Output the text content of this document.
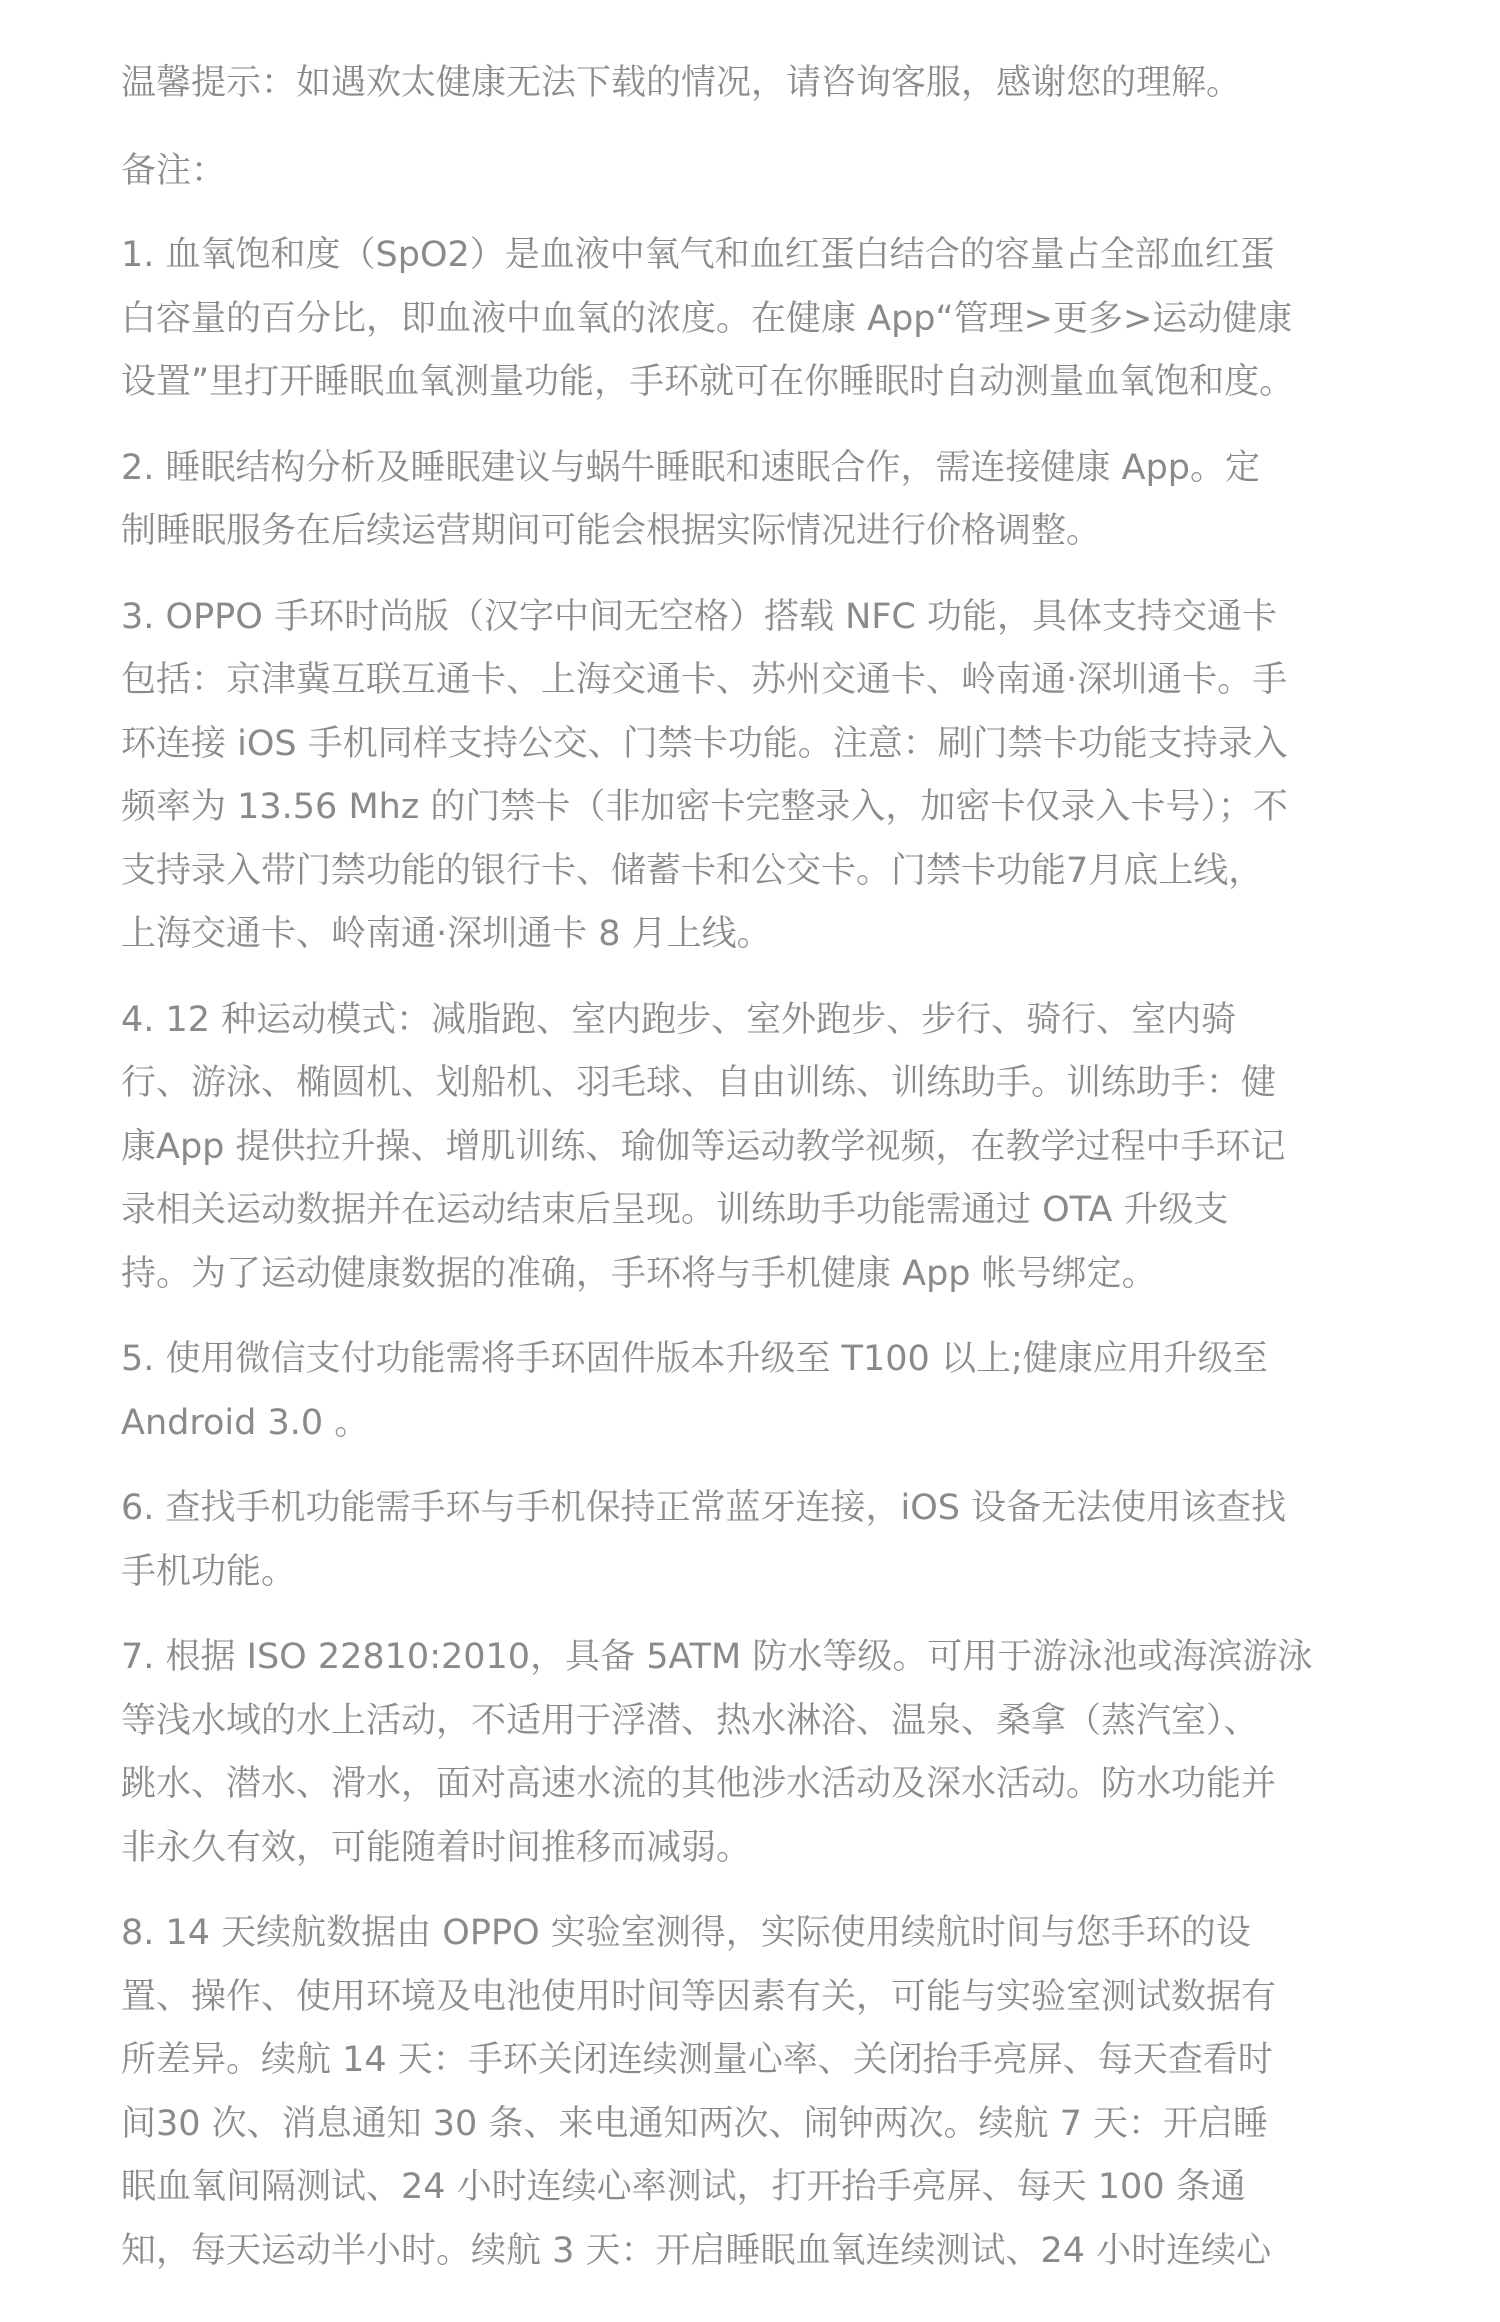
温馨提示：如遇欢太健康无法下载的情况，请咨询客服，感谢您的理解。

备注：

1. 血氧饱和度（SpO2）是血液中氧气和血红蛋白结合的容量占全部血红蛋
白容量的百分比，即血液中血氧的浓度。在健康 App“管理>更多>运动健康
设置”里打开睡眠血氧测量功能，手环就可在你睡眠时自动测量血氧饱和度。
2. 睡眠结构分析及睡眠建议与蜗牛睡眠和速眠合作，需连接健康 App。定
制睡眠服务在后续运营期间可能会根据实际情况进行价格调整。
3. OPPO 手环时尚版（汉字中间无空格）搭载 NFC 功能，具体支持交通卡
包括：京津冀互联互通卡、上海交通卡、苏州交通卡、岭南通·深圳通卡。手
环连接 iOS 手机同样支持公交、门禁卡功能。注意：刷门禁卡功能支持录入
频率为 13.56 Mhz 的门禁卡（非加密卡完整录入，加密卡仅录入卡号）；不
支持录入带门禁功能的银行卡、储蓄卡和公交卡。门禁卡功能7月底上线，
上海交通卡、岭南通·深圳通卡 8 月上线。
4. 12 种运动模式：减脂跑、室内跑步、室外跑步、步行、骑行、室内骑
行、游泳、椭圆机、划船机、羽毛球、自由训练、训练助手。训练助手：健
康App 提供拉升操、增肌训练、瑜伽等运动教学视频，在教学过程中手环记
录相关运动数据并在运动结束后呈现。训练助手功能需通过 OTA 升级支
持。为了运动健康数据的准确，手环将与手机健康 App 帐号绑定。
5. 使用微信支付功能需将手环固件版本升级至 T100 以上;健康应用升级至
Android 3.0 。
6. 查找手机功能需手环与手机保持正常蓝牙连接，iOS 设备无法使用该查找
手机功能。
7. 根据 ISO 22810:2010，具备 5ATM 防水等级。可用于游泳池或海滨游泳
等浅水域的水上活动，不适用于浮潜、热水淋浴、温泉、桑拿（蒸汽室）、
跳水、潜水、滑水，面对高速水流的其他涉水活动及深水活动。防水功能并
非永久有效，可能随着时间推移而减弱。
8. 14 天续航数据由 OPPO 实验室测得，实际使用续航时间与您手环的设
置、操作、使用环境及电池使用时间等因素有关，可能与实验室测试数据有
所差异。续航 14 天：手环关闭连续测量心率、关闭抬手亮屏、每天查看时
间30 次、消息通知 30 条、来电通知两次、闹钟两次。续航 7 天：开启睡
眠血氧间隔测试、24 小时连续心率测试，打开抬手亮屏、每天 100 条通
知，每天运动半小时。续航 3 天：开启睡眠血氧连续测试、24 小时连续心
